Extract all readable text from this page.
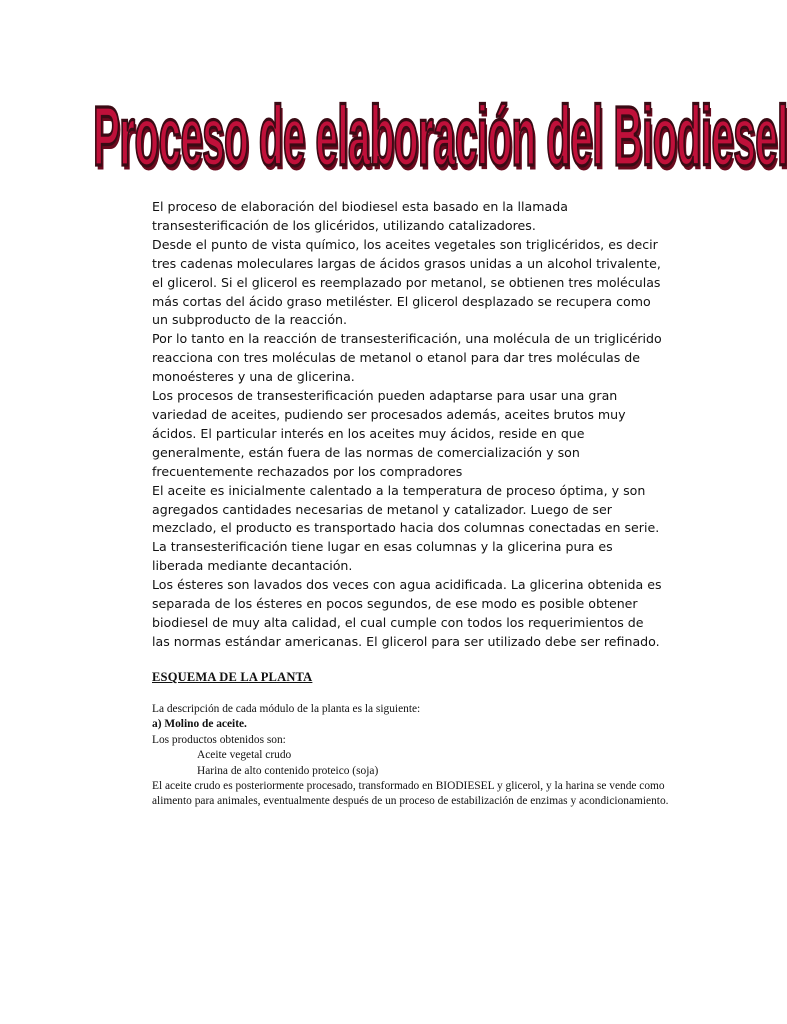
Proceso de elaboración del Biodiesel

El proceso de elaboración del biodiesel esta basado en la llamada transesterificación de los glicéridos, utilizando catalizadores.

Desde el punto de vista químico, los aceites vegetales son triglicéridos, es decir tres cadenas moleculares largas de ácidos grasos unidas a un alcohol trivalente, el glicerol. Si el glicerol es reemplazado por metanol, se obtienen tres moléculas más cortas del ácido graso metiléster. El glicerol desplazado se recupera como un subproducto de la reacción.

Por lo tanto en la reacción de transesterificación, una molécula de un triglicérido reacciona con tres moléculas de metanol o etanol para dar tres moléculas de monoésteres y una de glicerina.

Los procesos de transesterificación pueden adaptarse para usar una gran variedad de aceites, pudiendo ser procesados además, aceites brutos muy ácidos. El particular interés en los aceites muy ácidos, reside en que generalmente, están fuera de las normas de comercialización y son frecuentemente rechazados por los compradores

El aceite es inicialmente calentado a la temperatura de proceso óptima, y son agregados cantidades necesarias de metanol y catalizador. Luego de ser mezclado, el producto es transportado hacia dos columnas conectadas en serie. La transesterificación tiene lugar en esas columnas y la glicerina pura es liberada mediante decantación.

Los ésteres son lavados dos veces con agua acidificada. La glicerina obtenida es separada de los ésteres en pocos segundos, de ese modo es posible obtener biodiesel de muy alta calidad, el cual cumple con todos los requerimientos de las normas estándar americanas. El glicerol para ser utilizado debe ser refinado.

ESQUEMA DE LA PLANTA

La descripción de cada módulo de la planta es la siguiente:

a) Molino de aceite.

Los productos obtenidos son:

Aceite vegetal crudo

Harina de alto contenido proteico (soja)

El aceite crudo es posteriormente procesado, transformado en BIODIESEL y glicerol, y la harina se vende como alimento para animales, eventualmente después de un proceso de estabilización de enzimas y acondicionamiento.
